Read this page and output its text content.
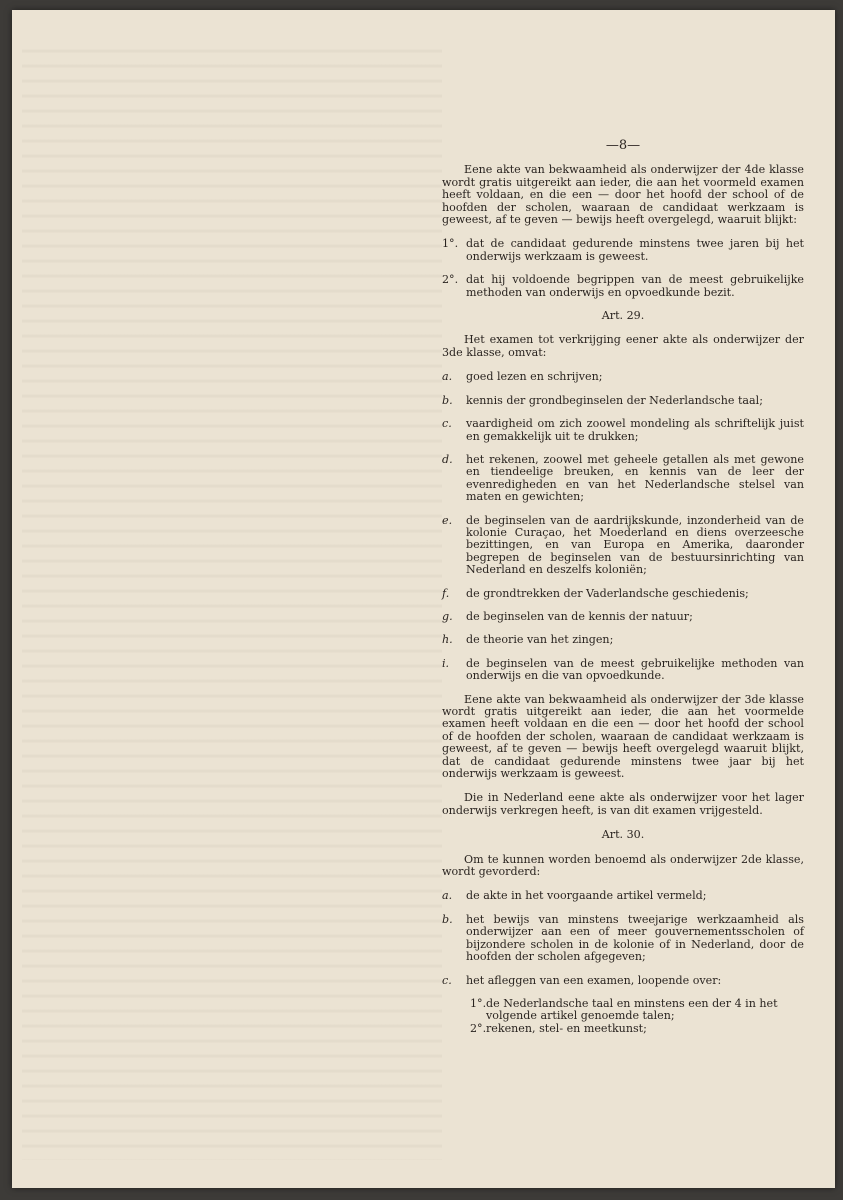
—8—

Eene akte van bekwaamheid als onderwijzer der 4de klasse wordt gratis uitgereikt aan ieder, die aan het voormeld examen heeft voldaan, en die een — door het hoofd der school of de hoofden der scholen, waaraan de candidaat werkzaam is geweest, af te geven — bewijs heeft overgelegd, waaruit blijkt:

1°. dat de candidaat gedurende minstens twee jaren bij het onderwijs werkzaam is geweest.
2°. dat hij voldoende begrippen van de meest gebruikelijke methoden van onderwijs en opvoedkunde bezit.
Art. 29.

Het examen tot verkrijging eener akte als onderwijzer der 3de klasse, omvat:

a.	goed lezen en schrijven;
b.	kennis der grondbeginselen der Nederlandsche taal;
c.	vaardigheid om zich zoowel mondeling als schriftelijk juist en gemakkelijk uit te drukken;
d.	het rekenen, zoowel met geheele getallen als met gewone en tiendeelige breuken, en kennis van de leer der evenredigheden en van het Nederlandsche stelsel van maten en gewichten;
e.	de beginselen van de aardrijkskunde, inzonderheid van de kolonie Curaçao, het Moederland en diens overzeesche bezittingen, en van Europa en Amerika, daaronder begrepen de beginselen van de bestuursinrichting van Nederland en deszelfs koloniën;
f.	de grondtrekken der Vaderlandsche geschiedenis;
g.	de beginselen van de kennis der natuur;
h.	de theorie van het zingen;
i.	de beginselen van de meest gebruikelijke methoden van onderwijs en die van opvoedkunde.

Eene akte van bekwaamheid als onderwijzer der 3de klasse wordt gratis uitgereikt aan ieder, die aan het voormelde examen heeft voldaan en die een — door het hoofd der school of de hoofden der scholen, waaraan de candidaat werkzaam is geweest, af te geven — bewijs heeft overgelegd waaruit blijkt, dat de candidaat gedurende minstens twee jaar bij het onderwijs werkzaam is geweest.

Die in Nederland eene akte als onderwijzer voor het lager onderwijs verkregen heeft, is van dit examen vrijgesteld.

Art. 30.

Om te kunnen worden benoemd als onderwijzer 2de klasse, wordt gevorderd:

a.	de akte in het voorgaande artikel vermeld;
b.	het bewijs van minstens tweejarige werkzaamheid als onderwijzer aan een of meer gouvernementsscholen of bijzondere scholen in de kolonie of in Nederland, door de hoofden der scholen afgegeven;
c.	het afleggen van een examen, loopende over:
1°. de Nederlandsche taal en minstens een der 4 in het volgende artikel genoemde talen;
2°. rekenen, stel- en meetkunst;
